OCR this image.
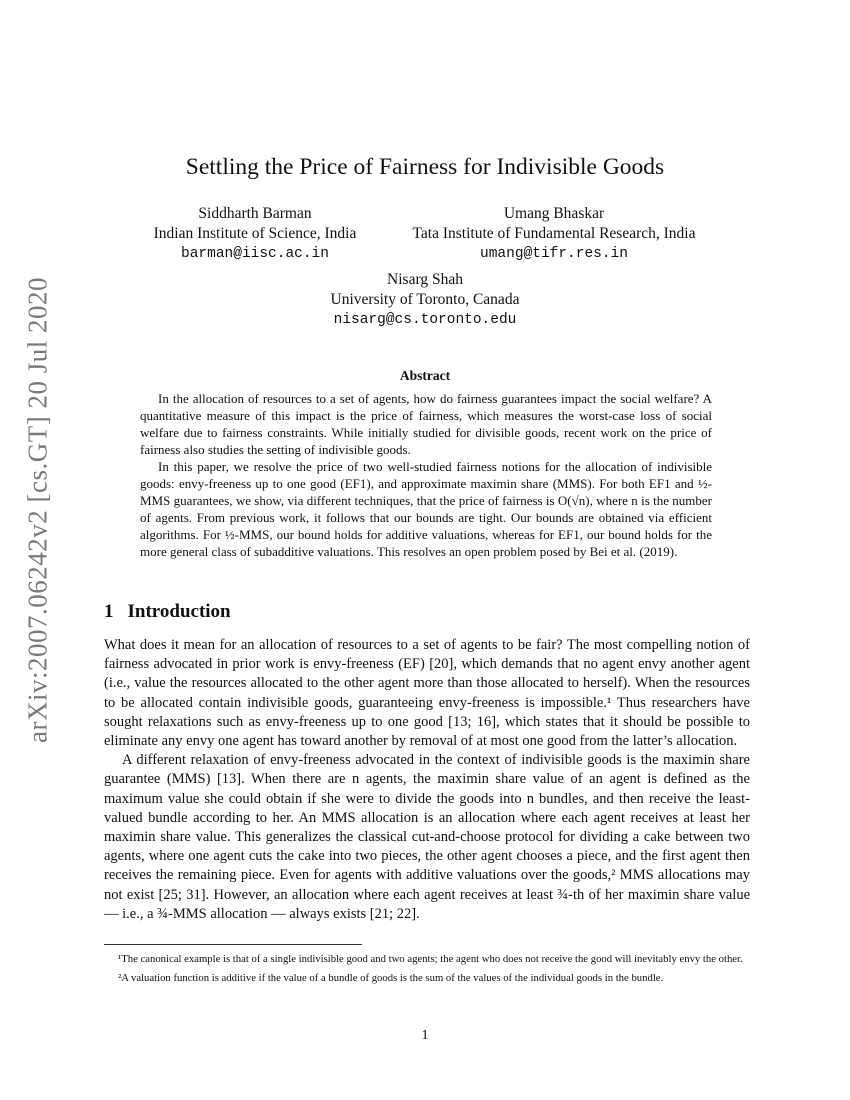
arXiv:2007.06242v2 [cs.GT] 20 Jul 2020
Settling the Price of Fairness for Indivisible Goods
Siddharth Barman
Indian Institute of Science, India
barman@iisc.ac.in
Umang Bhaskar
Tata Institute of Fundamental Research, India
umang@tifr.res.in
Nisarg Shah
University of Toronto, Canada
nisarg@cs.toronto.edu
Abstract

In the allocation of resources to a set of agents, how do fairness guarantees impact the social welfare? A quantitative measure of this impact is the price of fairness, which measures the worst-case loss of social welfare due to fairness constraints. While initially studied for divisible goods, recent work on the price of fairness also studies the setting of indivisible goods.

In this paper, we resolve the price of two well-studied fairness notions for the allocation of indivisible goods: envy-freeness up to one good (EF1), and approximate maximin share (MMS). For both EF1 and ½-MMS guarantees, we show, via different techniques, that the price of fairness is O(√n), where n is the number of agents. From previous work, it follows that our bounds are tight. Our bounds are obtained via efficient algorithms. For ½-MMS, our bound holds for additive valuations, whereas for EF1, our bound holds for the more general class of subadditive valuations. This resolves an open problem posed by Bei et al. (2019).

1 Introduction

What does it mean for an allocation of resources to a set of agents to be fair? The most compelling notion of fairness advocated in prior work is envy-freeness (EF) [20], which demands that no agent envy another agent (i.e., value the resources allocated to the other agent more than those allocated to herself). When the resources to be allocated contain indivisible goods, guaranteeing envy-freeness is impossible.¹ Thus researchers have sought relaxations such as envy-freeness up to one good [13; 16], which states that it should be possible to eliminate any envy one agent has toward another by removal of at most one good from the latter’s allocation.

A different relaxation of envy-freeness advocated in the context of indivisible goods is the maximin share guarantee (MMS) [13]. When there are n agents, the maximin share value of an agent is defined as the maximum value she could obtain if she were to divide the goods into n bundles, and then receive the least-valued bundle according to her. An MMS allocation is an allocation where each agent receives at least her maximin share value. This generalizes the classical cut-and-choose protocol for dividing a cake between two agents, where one agent cuts the cake into two pieces, the other agent chooses a piece, and the first agent then receives the remaining piece. Even for agents with additive valuations over the goods,² MMS allocations may not exist [25; 31]. However, an allocation where each agent receives at least ¾-th of her maximin share value — i.e., a ¾-MMS allocation — always exists [21; 22].

¹The canonical example is that of a single indivisible good and two agents; the agent who does not receive the good will inevitably envy the other.

²A valuation function is additive if the value of a bundle of goods is the sum of the values of the individual goods in the bundle.

1
